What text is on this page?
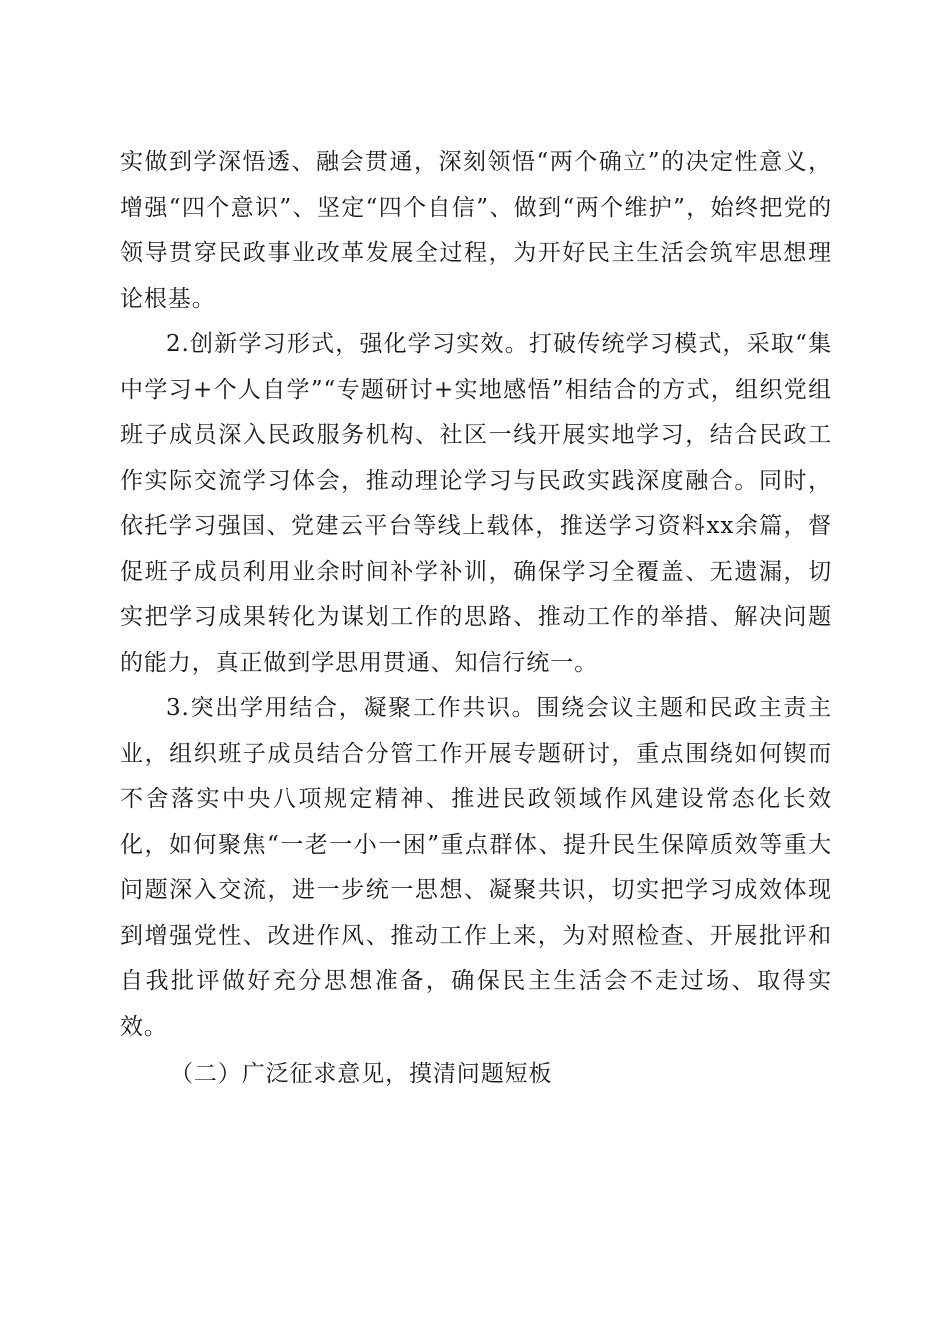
实做到学深悟透、融会贯通，深刻领悟“两个确立”的决定性意义，增强“四个意识”、坚定“四个自信”、做到“两个维护”，始终把党的领导贯穿民政事业改革发展全过程，为开好民主生活会筑牢思想理论根基。

2.创新学习形式，强化学习实效。打破传统学习模式，采取“集中学习+个人自学”“专题研讨+实地感悟”相结合的方式，组织党组班子成员深入民政服务机构、社区一线开展实地学习，结合民政工作实际交流学习体会，推动理论学习与民政实践深度融合。同时，依托学习强国、党建云平台等线上载体，推送学习资料xx余篇，督促班子成员利用业余时间补学补训，确保学习全覆盖、无遗漏，切实把学习成果转化为谋划工作的思路、推动工作的举措、解决问题的能力，真正做到学思用贯通、知信行统一。

3.突出学用结合，凝聚工作共识。围绕会议主题和民政主责主业，组织班子成员结合分管工作开展专题研讨，重点围绕如何锲而不舍落实中央八项规定精神、推进民政领域作风建设常态化长效化，如何聚焦“一老一小一困”重点群体、提升民生保障质效等重大问题深入交流，进一步统一思想、凝聚共识，切实把学习成效体现到增强党性、改进作风、推动工作上来，为对照检查、开展批评和自我批评做好充分思想准备，确保民主生活会不走过场、取得实效。

（二）广泛征求意见，摸清问题短板
